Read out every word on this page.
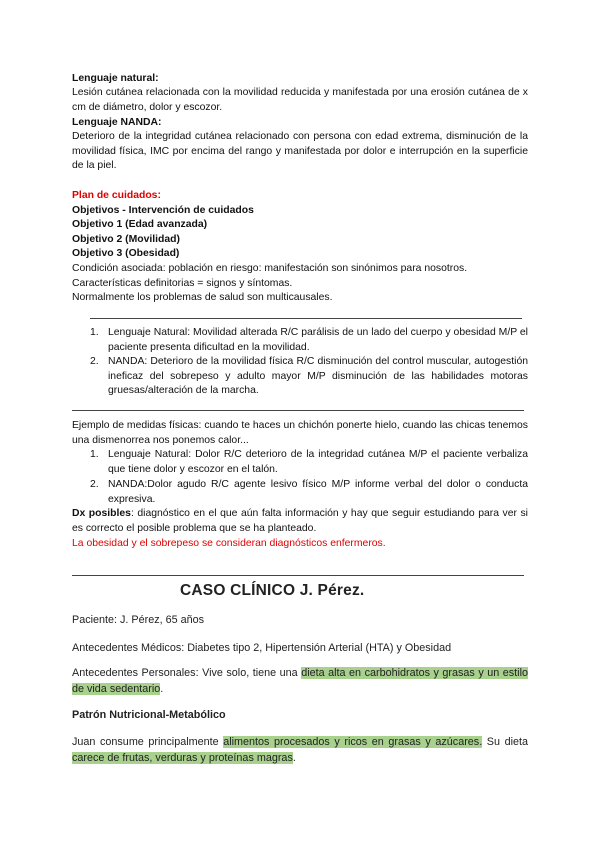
Lenguaje natural:
Lesión cutánea relacionada con la movilidad reducida y manifestada por una erosión cutánea de x cm de diámetro, dolor y escozor.
Lenguaje NANDA:
Deterioro de la integridad cutánea relacionado con persona con edad extrema, disminución de la movilidad física, IMC por encima del rango y manifestada por dolor e interrupción en la superficie de la piel.
Plan de cuidados:
Objetivos - Intervención de cuidados
Objetivo 1 (Edad avanzada)
Objetivo 2 (Movilidad)
Objetivo 3 (Obesidad)
Condición asociada: población en riesgo: manifestación son sinónimos para nosotros.
Características definitorias = signos y síntomas.
Normalmente los problemas de salud son multicausales.
1. Lenguaje Natural: Movilidad alterada R/C parálisis de un lado del cuerpo y obesidad M/P el paciente presenta dificultad en la movilidad.
2. NANDA: Deterioro de la movilidad física R/C disminución del control muscular, autogestión ineficaz del sobrepeso y adulto mayor M/P disminución de las habilidades motoras gruesas/alteración de la marcha.
Ejemplo de medidas físicas: cuando te haces un chichón ponerte hielo, cuando las chicas tenemos una dismenorrea nos ponemos calor...
1. Lenguaje Natural: Dolor R/C deterioro de la integridad cutánea M/P el paciente verbaliza que tiene dolor y escozor en el talón.
2. NANDA:Dolor agudo R/C agente lesivo físico M/P informe verbal del dolor o conducta expresiva.
Dx posibles: diagnóstico en el que aún falta información y hay que seguir estudiando para ver si es correcto el posible problema que se ha planteado.
La obesidad y el sobrepeso se consideran diagnósticos enfermeros.
CASO CLÍNICO J. Pérez.
Paciente: J. Pérez, 65 años
Antecedentes Médicos: Diabetes tipo 2, Hipertensión Arterial (HTA) y Obesidad
Antecedentes Personales: Vive solo, tiene una dieta alta en carbohidratos y grasas y un estilo de vida sedentario.
Patrón Nutricional-Metabólico
Juan consume principalmente alimentos procesados y ricos en grasas y azúcares. Su dieta carece de frutas, verduras y proteínas magras.
